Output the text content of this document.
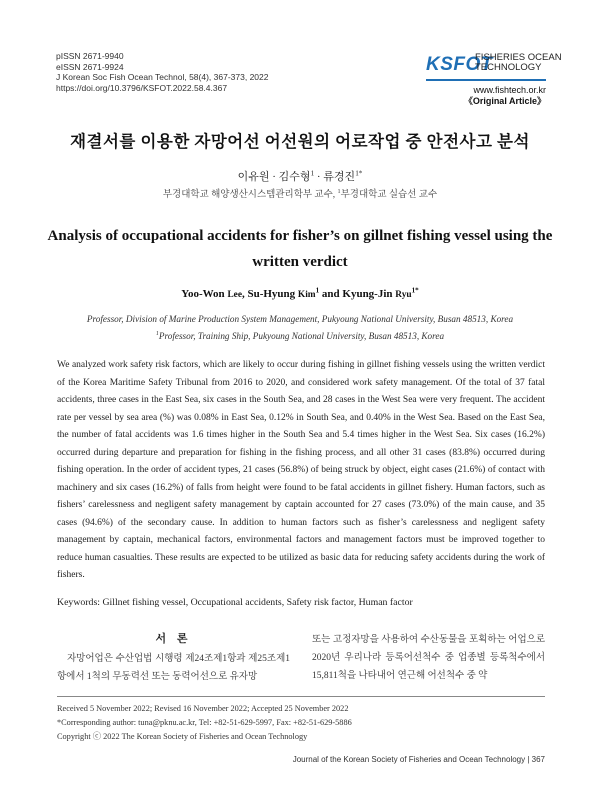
pISSN 2671-9940
eISSN 2671-9924
J Korean Soc Fish Ocean Technol, 58(4), 367-373, 2022
https://doi.org/10.3796/KSFOT.2022.58.4.367
KSFOT
FISHERIES OCEAN
TECHNOLOGY
www.fishtech.or.kr
《Original Article》
재결서를 이용한 자망어선 어선원의 어로작업 중 안전사고 분석
이유원 · 김수형$^1$ · 류경진$^{1*}$
부경대학교 해양생산시스템관리학부 교수, $^1$부경대학교 실습선 교수
Analysis of occupational accidents for fisher’s on gillnet fishing vessel using the written verdict
Yoo-Won Lee, Su-Hyung Kim$^1$ and Kyung-Jin Ryu$^{1*}$
Professor, Division of Marine Production System Management, Pukyoung National University, Busan 48513, Korea
$^1$Professor, Training Ship, Pukyoung National University, Busan 48513, Korea
We analyzed work safety risk factors, which are likely to occur during fishing in gillnet fishing vessels using the written verdict of the Korea Maritime Safety Tribunal from 2016 to 2020, and considered work safety management. Of the total of 37 fatal accidents, three cases in the East Sea, six cases in the South Sea, and 28 cases in the West Sea were very frequent. The accident rate per vessel by sea area (%) was 0.08% in East Sea, 0.12% in South Sea, and 0.40% in the West Sea. Based on the East Sea, the number of fatal accidents was 1.6 times higher in the South Sea and 5.4 times higher in the West Sea. Six cases (16.2%) occurred during departure and preparation for fishing in the fishing process, and all other 31 cases (83.8%) occurred during fishing operation. In the order of accident types, 21 cases (56.8%) of being struck by object, eight cases (21.6%) of contact with machinery and six cases (16.2%) of falls from height were found to be fatal accidents in gillnet fishery. Human factors, such as fishers’ carelessness and negligent safety management by captain accounted for 27 cases (73.0%) of the main cause, and 35 cases (94.6%) of the secondary cause. In addition to human factors such as fisher’s carelessness and negligent safety management by captain, mechanical factors, environmental factors and management factors must be improved together to reduce human casualties. These results are expected to be utilized as basic data for reducing safety accidents during the work of fishers.
Keywords: Gillnet fishing vessel, Occupational accidents, Safety risk factor, Human factor
서 론
자망어업은 수산업법 시행령 제24조제1항과 제25조제1항에서 1척의 무동력선 또는 동력어선으로 유자망
또는 고정자망을 사용하여 수산동물을 포획하는 어업으로 2020년 우리나라 등록어선척수 중 업종별 등록척수에서 15,811척을 나타내어 연근해 어선척수 중 약
Received 5 November 2022; Revised 16 November 2022; Accepted 25 November 2022
*Corresponding author: tuna@pknu.ac.kr, Tel: +82-51-629-5997, Fax: +82-51-629-5886
Copyright ⓒ 2022 The Korean Society of Fisheries and Ocean Technology
Journal of the Korean Society of Fisheries and Ocean Technology | 367
